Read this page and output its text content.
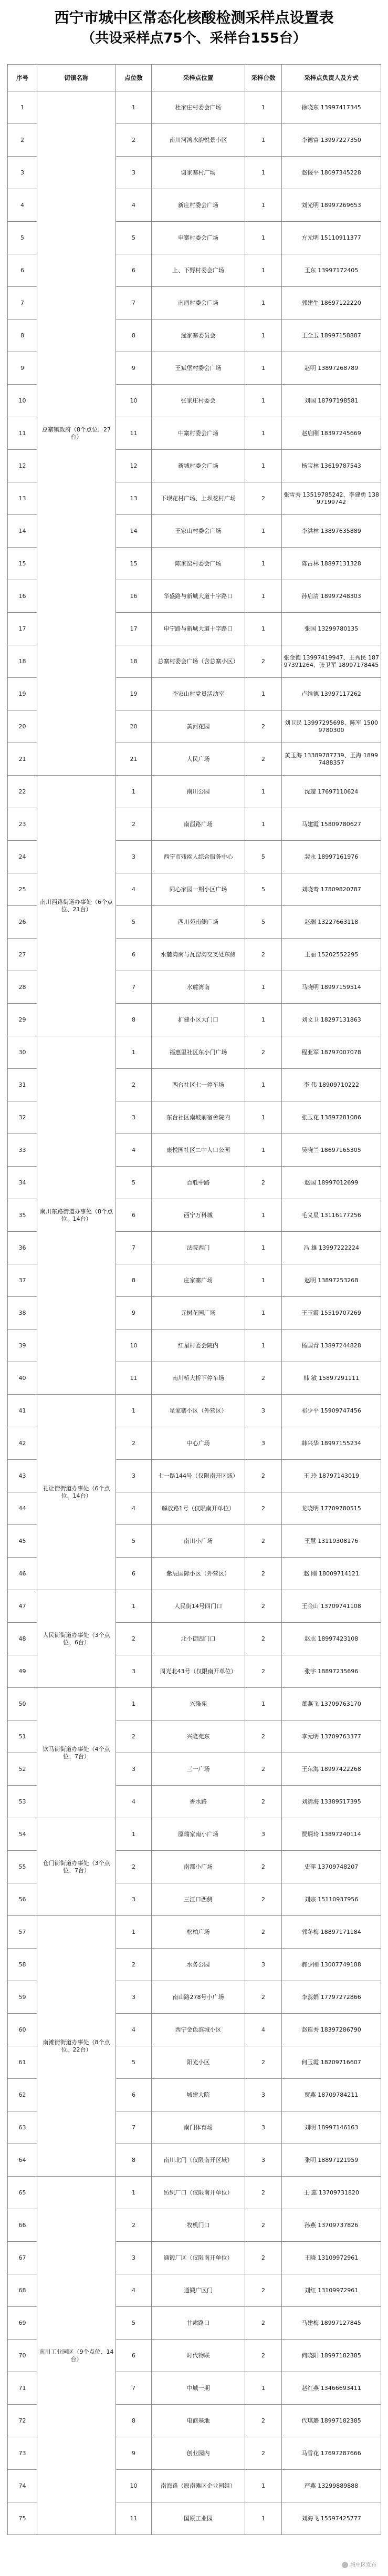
西宁市城中区常态化核酸检测采样点设置表
（共设采样点75个、采样台155台）
序号	街镇名称	点位数	采样点位置	采样台数	采样点负责人及方式
1	总寨镇政府（8个点位、27台）	1	杜家庄村委会广场	1	徐晓东 13997417345
2		2	南川河湾水韵悦景小区	1	李德富 13997227350
3		3	谢家寨村广场	1	赵俊平 18097345228
4		4	新庄村委会广场	1	刘光明 18997269653
5		5	申寨村委会广场	1	方元明 15110911377
6		6	上、下野村委会广场	1	王东 13997172405
7		7	南酉村委会广场	1	郭建生 18697122220
8		8	逯家寨委员会	1	王全玉 18997158887
9		9	王斌堡村委会广场	1	赵明 13897268789
10		10	张家庄村委会	1	刘国 18797198581
11		11	中寨村委会广场	1	赵启刚 18397245669
12		12	新城村委会广场	1	杨宝林 13619787543
13		13	下坝花村广场、上坝花村广场	2	张雪秀 13519785242、李建勇 13897199742
14		14	王家山村委会广场	1	李洪林 13897635889
15		15	陈家窑村委会广场	1	陈占林 18897131328
16		16	华盛路与新城大道十字路口	1	孙启清 18997248303
17		17	申宁路与新城大道十字路口	1	张国 13299780135
18		18	总寨村委会广场（含总寨小区）	2	张金德 13997419947、王秀民 18797391264、张卫军 18997178445
19		19	李家山村党员活动室	1	卢维德 13997117262
20		20	黄河花园	2	刘卫民 13997295698、陈军 15009780300
21		21	人民广场	2	黄玉海 13389787739、王海 18997488357
22	南川西路街道办事处（6个点位、21台）	1	南川公园	1	沈璇 17697110624
23		2	南酉路广场	1	马建霞 15809780627
24		3	西宁市残疾人综合服务中心	5	裴永 18997161976
25		4	同心家园一期小区广场	5	刘晓鸾 17809820787
26		5	西川苑南侧广场	5	赵瑞 13227663118
27		6	水麓湾南与瓦窑沟交叉处东侧	2	王丽 15202552295
28		7	水麓湾南	1	马晓明 18997159514
29		8	扩建小区大门口	1	刘文卫 18297131863
30	南川东路街道办事处（8个点位、14台）	1	福惠里社区东小门广场	2	程亚军 18797007078
31		2	西台社区七一停车场	1	李 伟 18909710222
32		3	东台社区南坡前宿舍院内	1	张玉花 13897281086
33		4	康悦园社区二中人口公园	1	吴晓兰 18697165305
34		5	百胜中路	2	赵国 18997012699
35		6	西宁万科城	1	毛义星 13116177256
36		7	法院西门	1	冯 雄 13997222224
37		8	庄家寨广场	1	赵明 13897253268
38		9	元树花园广场	1	王玉霞 15519707269
39		10	红星村委会院内	1	杨国青 13897244828
40		11	南川桥大桥下停车场	2	韩 敏 15897291111
41	礼让街街道办事处（6个点位、14台）	1	星家寨小区（外营区）	3	祁少平 15909747456
42		2	中心广场	3	韩兴华 18997155234
43		3	七一路144号（仅限南开区域）	2	王 玲 18797143019
44		4	解放路1号（仅限南开单位）	2	龙晓明 17709780515
45		5	南川小广场	2	王慧 13119308176
46		6	紫辰国际小区（外营区）	2	赵 刚 18009714121
47	人民街街道办事处（3个点位、6台）	1	人民街14号四门口	2	王金山 13709741108
48		2	北小街四门口	2	赵志 18997423108
49		3	周光北43号（仅限南开单位）	2	张宇 18897235696
50	饮马街街道办事处（4个点位、7台）	1	兴隆苑	1	董燕飞 13709763170
51		2	兴隆苑东	2	李元明 13709763377
52		3	三一广场	2	王东海 18997422268
53		4	香水路	2	刘清海 13389517395
54	仓门街街道办事处（3个点位、7台）	1	原瑞家南小广场	3	贾炳玲 13897240114
55		2	南都小广场	2	史萍 13709748207
56		3	三江口西侧	2	刘宗 15110937956
57	南滩街街道办事处（8个点位、22台）	1	松柏广场	2	郭冬梅 18897171184
58		2	水务公园	3	郝少刚 13007749188
59		3	南山路278号小广场	2	李蕊娟 17797272866
60		4	西宁金色滨城小区	4	赵连秀 18397286790
61		5	阳光小区	2	何玉霞 18209716607
62		6	城建大院	3	贾燕 18709784211
63		7	南门体育场	3	刘明 18997146163
64		8	南川北门（仅限南开区域）	3	张明 18897121959
65	南川工业园区（9个点位、14台）	1	纺织厂口（仅限南开单位）	2	王 蕊 13709731820
66		2	牧机门口	2	孙燕 13709737826
67		3	通锻厂区（仅限南开单位）	2	王晓 13109972961
68		4	通锻广区门	2	刘红 13109972961
69		5	甘肃路口	2	马建梅 18997127845
70		6	时代物联	2	何晓阳 18997182385
71		7	中城一期	1	赵红燕 13466693411
72		8	电商基地	2	代琪璐 18997182385
73		9	创业园内	2	马雪花 17697287666
74		10	南海路（原南滩区企业园组）	1	严燕 13299889888
75		11	国原工业园	1	刘海飞 15597425777
城中区发布
